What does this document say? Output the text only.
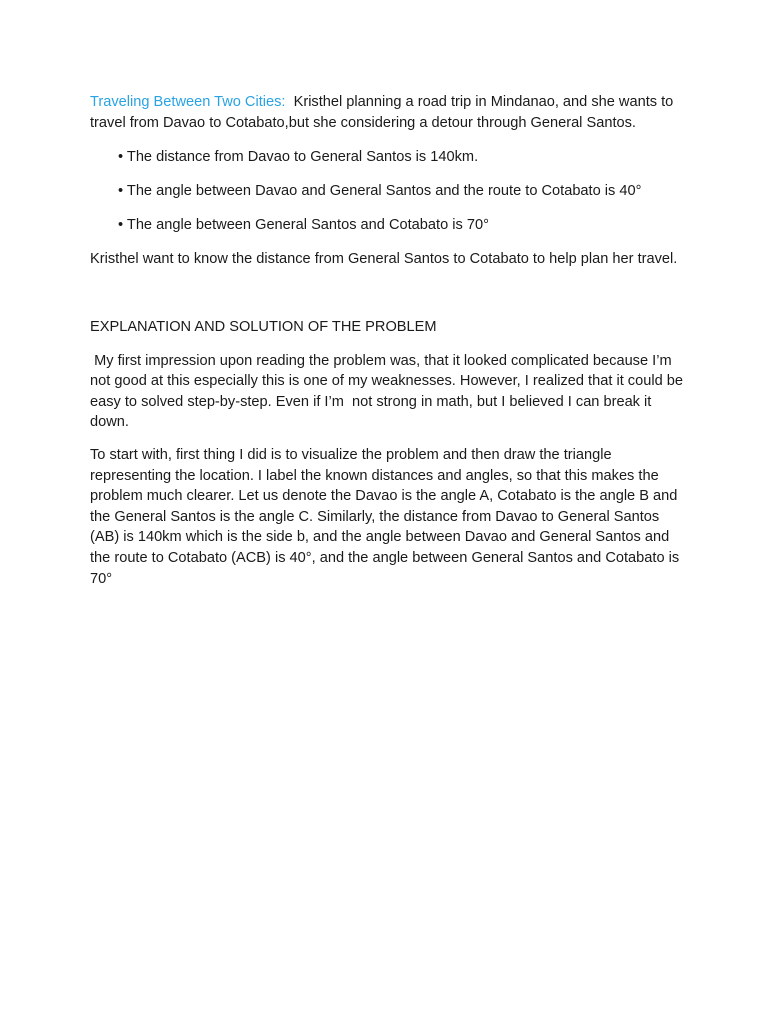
Traveling Between Two Cities: Kristhel planning a road trip in Mindanao, and she wants to travel from Davao to Cotabato,but she considering a detour through General Santos.

• The distance from Davao to General Santos is 140km.
• The angle between Davao and General Santos and the route to Cotabato is 40°
• The angle between General Santos and Cotabato is 70°

Kristhel want to know the distance from General Santos to Cotabato to help plan her travel.

EXPLANATION AND SOLUTION OF THE PROBLEM

My first impression upon reading the problem was, that it looked complicated because I’m  not good at this especially this is one of my weaknesses. However, I realized that it could be easy to solved step-by-step. Even if I’m  not strong in math, but I believed I can break it down.

To start with, first thing I did is to visualize the problem and then draw the triangle representing the location. I label the known distances and angles, so that this makes the problem much clearer. Let us denote the Davao is the angle A, Cotabato is the angle B and the General Santos is the angle C. Similarly, the distance from Davao to General Santos (AB) is 140km which is the side b, and the angle between Davao and General Santos and the route to Cotabato (ACB) is 40°, and the angle between General Santos and Cotabato is 70°
